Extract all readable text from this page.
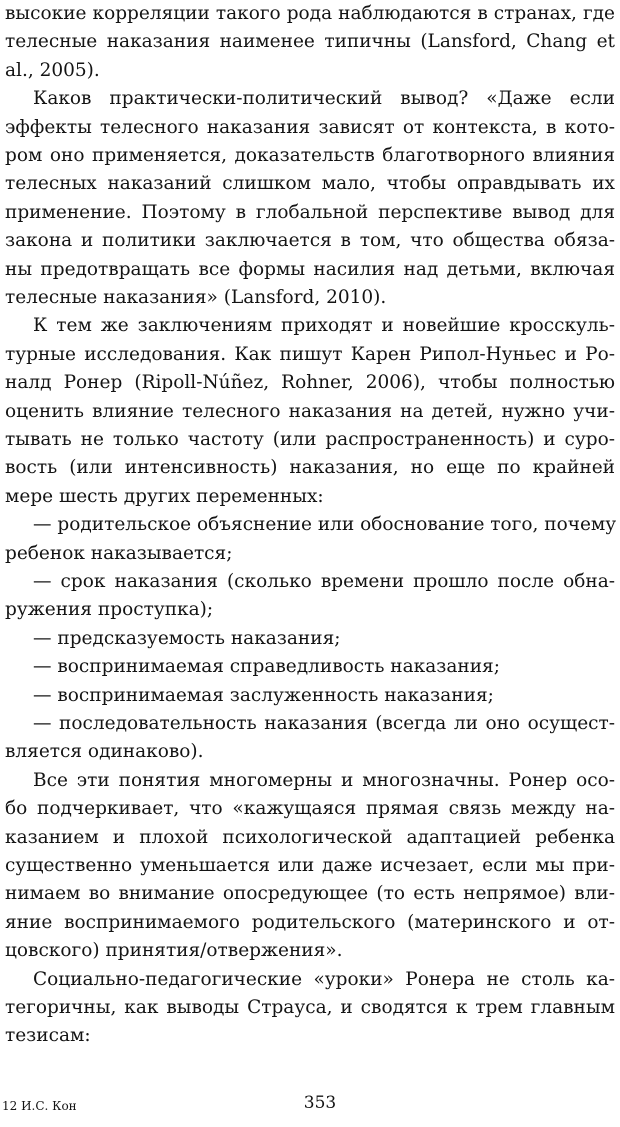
высокие корреляции такого рода наблюдаются в странах, где
телесные наказания наименее типичны (Lansford, Chang et
al., 2005).
Каков практически-политический вывод? «Даже если
эффекты телесного наказания зависят от контекста, в кото-
ром оно применяется, доказательств благотворного влияния
телесных наказаний слишком мало, чтобы оправдывать их
применение. Поэтому в глобальной перспективе вывод для
закона и политики заключается в том, что общества обяза-
ны предотвращать все формы насилия над детьми, включая
телесные наказания» (Lansford, 2010).
К тем же заключениям приходят и новейшие кросскуль-
турные исследования. Как пишут Карен Рипол-Нуньес и Ро-
налд Ронер (Ripoll-Núñez, Rohner, 2006), чтобы полностью
оценить влияние телесного наказания на детей, нужно учи-
тывать не только частоту (или распространенность) и суро-
вость (или интенсивность) наказания, но еще по крайней
мере шесть других переменных:
— родительское объяснение или обоснование того, почему
ребенок наказывается;
— срок наказания (сколько времени прошло после обна-
ружения проступка);
— предсказуемость наказания;
— воспринимаемая справедливость наказания;
— воспринимаемая заслуженность наказания;
— последовательность наказания (всегда ли оно осущест-
вляется одинаково).
Все эти понятия многомерны и многозначны. Ронер осо-
бо подчеркивает, что «кажущаяся прямая связь между на-
казанием и плохой психологической адаптацией ребенка
существенно уменьшается или даже исчезает, если мы при-
нимаем во внимание опосредующее (то есть непрямое) вли-
яние воспринимаемого родительского (материнского и от-
цовского) принятия/отвержения».
Социально-педагогические «уроки» Ронера не столь ка-
тегоричны, как выводы Страуса, и сводятся к трем главным
тезисам:
12 И.С. Кон	353
